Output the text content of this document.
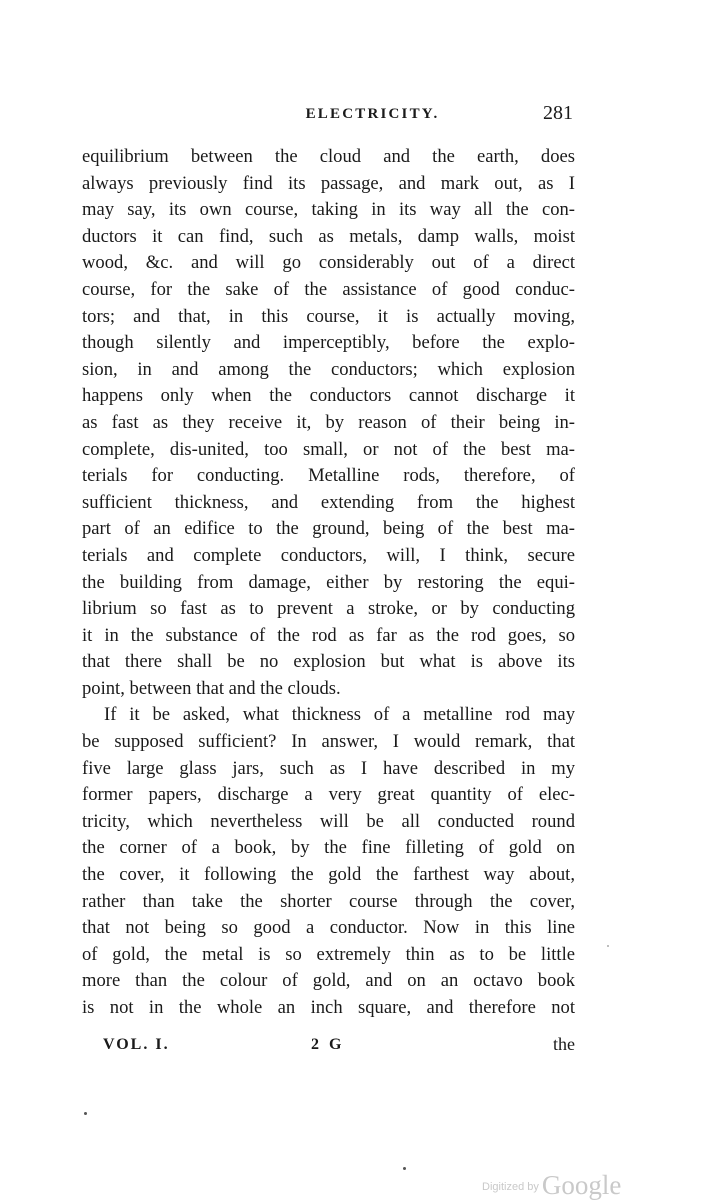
ELECTRICITY.	281

equilibrium between the cloud and the earth, does

always previously find its passage, and mark out, as I

may say, its own course, taking in its way all the con-

ductors it can find, such as metals, damp walls, moist

wood, &c. and will go considerably out of a direct

course, for the sake of the assistance of good conduc-

tors; and that, in this course, it is actually moving,

though silently and imperceptibly, before the explo-

sion, in and among the conductors; which explosion

happens only when the conductors cannot discharge it

as fast as they receive it, by reason of their being in-

complete, dis-united, too small, or not of the best ma-

terials for conducting. Metalline rods, therefore, of

sufficient thickness, and extending from the highest

part of an edifice to the ground, being of the best ma-

terials and complete conductors, will, I think, secure

the building from damage, either by restoring the equi-

librium so fast as to prevent a stroke, or by conducting

it in the substance of the rod as far as the rod goes, so

that there shall be no explosion but what is above its

point, between that and the clouds.

If it be asked, what thickness of a metalline rod may

be supposed sufficient? In answer, I would remark, that

five large glass jars, such as I have described in my

former papers, discharge a very great quantity of elec-

tricity, which nevertheless will be all conducted round

the corner of a book, by the fine filleting of gold on

the cover, it following the gold the farthest way about,

rather than take the shorter course through the cover,

that not being so good a conductor. Now in this line

of gold, the metal is so extremely thin as to be little

more than the colour of gold, and on an octavo book

is not in the whole an inch square, and therefore not

VOL. I.	2 G	the
$^{Digitized by}$ Google
